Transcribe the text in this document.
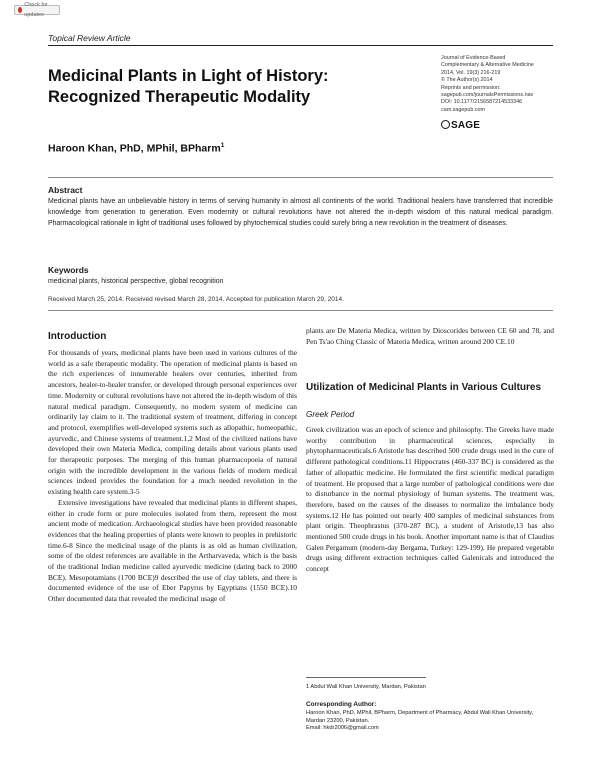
Check for updates
Topical Review Article
Medicinal Plants in Light of History:
Recognized Therapeutic Modality
Journal of Evidence-Based
Complementary & Alternative Medicine
2014, Vol. 19(3) 216-219
© The Author(s) 2014
Reprints and permission:
sagepub.com/journalsPermissions.nav
DOI: 10.1177/2156587214533346
cam.sagepub.com
SAGE
Haroon Khan, PhD, MPhil, BPharm$^1$
Abstract
Medicinal plants have an unbelievable history in terms of serving humanity in almost all continents of the world. Traditional healers have transferred that incredible knowledge from generation to generation. Even modernity or cultural revolutions have not altered the in-depth wisdom of this natural medical paradigm. Pharmacological rationale in light of traditional uses followed by phytochemical studies could surely bring a new revolution in the treatment of diseases.
Keywords
medicinal plants, historical perspective, global recognition
Received March 25, 2014. Received revised March 28, 2014. Accepted for publication March 29, 2014.
Introduction

For thousands of years, medicinal plants have been used in various cultures of the world as a safe therapeutic modality. The operation of medicinal plants is based on the rich experiences of innumerable healers over centuries, inherited from ancestors, healer-to-healer transfer, or developed through personal experiences over time. Modernity or cultural revolutions have not altered the in-depth wisdom of this natural medical paradigm. Consequently, no modern system of medicine can ordinarily lay claim to it. The traditional system of treatment, differing in concept and protocol, exemplifies well-developed systems such as allopathic, homeopathic, ayurvedic, and Chinese systems of treatment.1,2 Most of the civilized nations have developed their own Materia Medica, compiling details about various plants used for therapeutic purposes. The merging of this human pharmacopoeia of natural origin with the incredible development in the various fields of modern medical sciences indeed provides the foundation for a much needed revolution in the existing health care system.3-5

Extensive investigations have revealed that medicinal plants in different shapes, either in crude form or pure molecules isolated from them, represent the most ancient mode of medication. Archaeological studies have been provided reasonable evidences that the healing properties of plants were known to peoples in prehistoric time.6-8 Since the medicinal usage of the plants is as old as human civilization, some of the oldest references are available in the Artharvaveda, which is the basis of the traditional Indian medicine called ayurvedic medicine (dating back to 2000 BCE). Mesopotamians (1700 BCE)9 described the use of clay tablets, and there is documented evidence of the use of Eber Papyrus by Egyptians (1550 BCE).10 Other documented data that revealed the medicinal usage of

plants are De Materia Medica, written by Dioscorides between CE 60 and 78, and Pen Ts'ao Ching Classic of Materia Medica, written around 200 CE.10

Utilization of Medicinal Plants in Various Cultures
Greek Period

Greek civilization was an epoch of science and philosophy. The Greeks have made worthy contribution in pharmaceutical sciences, especially in phytopharmaceuticals.6 Aristotle has described 500 crude drugs used in the cure of different pathological conditions.11 Hippocrates (460-337 BC) is considered as the father of allopathic medicine. He formulated the first scientific medical paradigm of treatment. He proposed that a large number of pathological conditions were due to disturbance in the normal physiology of human systems. The treatment was, therefore, based on the causes of the diseases to normalize the imbalance body systems.12 He has pointed out nearly 400 samples of medicinal substances from plant origin. Theophrastus (370-287 BC), a student of Aristotle,13 has also mentioned 500 crude drugs in his book. Another important name is that of Claudius Galen Pergamum (modern-day Bergama, Turkey: 129-199). He prepared vegetable drugs using different extraction techniques called Galenicals and introduced the concept

1 Abdul Wali Khan University, Mardan, Pakistan
Corresponding Author:
Haroon Khan, PhD, MPhil, BPharm, Department of Pharmacy, Abdul Wali Khan University, Mardan 23200, Pakistan.
Email: hkdr2006@gmail.com
